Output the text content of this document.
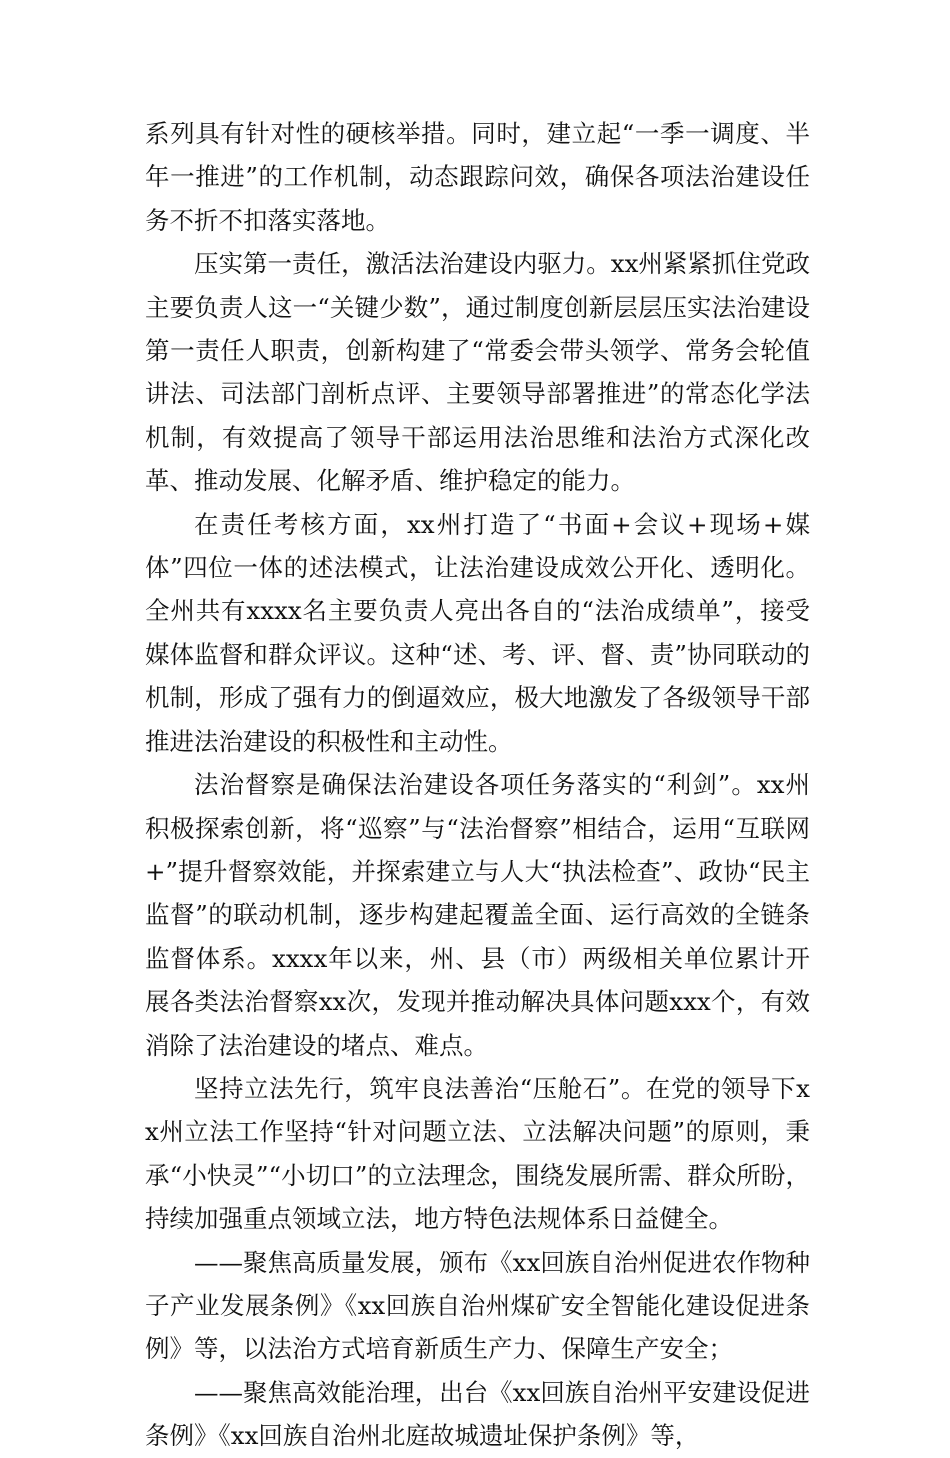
系列具有针对性的硬核举措。同时，建立起“一季一调度、半年一推进”的工作机制，动态跟踪问效，确保各项法治建设任务不折不扣落实落地。

压实第一责任，激活法治建设内驱力。xx州紧紧抓住党政主要负责人这一“关键少数”，通过制度创新层层压实法治建设第一责任人职责，创新构建了“常委会带头领学、常务会轮值讲法、司法部门剖析点评、主要领导部署推进”的常态化学法机制，有效提高了领导干部运用法治思维和法治方式深化改革、推动发展、化解矛盾、维护稳定的能力。

在责任考核方面，xx州打造了“书面+会议+现场+媒体”四位一体的述法模式，让法治建设成效公开化、透明化。全州共有xxxx名主要负责人亮出各自的“法治成绩单”，接受媒体监督和群众评议。这种“述、考、评、督、责”协同联动的机制，形成了强有力的倒逼效应，极大地激发了各级领导干部推进法治建设的积极性和主动性。

法治督察是确保法治建设各项任务落实的“利剑”。xx州积极探索创新，将“巡察”与“法治督察”相结合，运用“互联网+”提升督察效能，并探索建立与人大“执法检查”、政协“民主监督”的联动机制，逐步构建起覆盖全面、运行高效的全链条监督体系。xxxx年以来，州、县（市）两级相关单位累计开展各类法治督察xx次，发现并推动解决具体问题xxx个，有效消除了法治建设的堵点、难点。

坚持立法先行，筑牢良法善治“压舱石”。在党的领导下xx州立法工作坚持“针对问题立法、立法解决问题”的原则，秉承“小快灵”“小切口”的立法理念，围绕发展所需、群众所盼，持续加强重点领域立法，地方特色法规体系日益健全。

——聚焦高质量发展，颁布《xx回族自治州促进农作物种子产业发展条例》《xx回族自治州煤矿安全智能化建设促进条例》等，以法治方式培育新质生产力、保障生产安全；

——聚焦高效能治理，出台《xx回族自治州平安建设促进条例》《xx回族自治州北庭故城遗址保护条例》等，
